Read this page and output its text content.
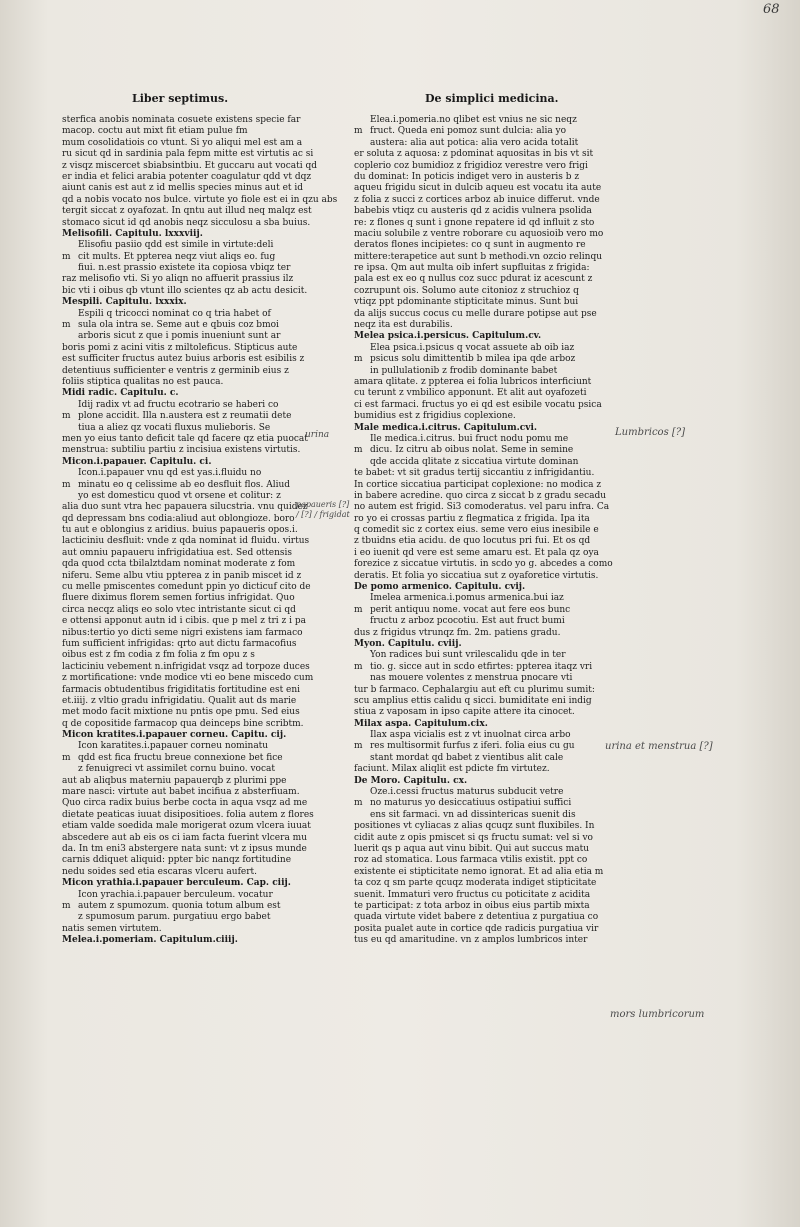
68
Liber septimus.	De simplici medicina.
sterfica anobis nominata cosuete existens specie far
macop. coctu aut mixt fit etiam pulue fm
mum cosolidatiois co vtunt. Si yo aliqui mel est am a
ru sicut qd in sardinia pala fepm mitte est virtutis ac si
z visqz miscercet sbiabsintbiu. Et guccaru aut vocati qd
er india et felici arabia potenter coagulatur qdd vt dqz
aiunt canis est aut z id mellis species minus aut et id
qd a nobis vocato nos bulce. virtute yo fiole est ei in qzu abs
tergit siccat z oyafozat. In qntu aut illud neq malqz est
stomaco sicut id qd anobis neqz sicculosu a sba buius.
Melisofili. Capitulu. lxxxviij.
Elisofiu pasiio qdd est simile in virtute:deli
m cit mults. Et ppterea neqz viut aliqs eo. fug
fiui. n.est prassio existete ita copiosa vbiqz ter
raz melisofio vti. Si yo aliqn no affuerit prassius ilz
bic vti i oibus qb vtunt illo scientes qz ab actu desicit.
Mespili. Capitulu. lxxxix.
Espili q tricocci nominat co q tria habet of
m sula ola intra se. Seme aut e qbuis coz bmoi
arboris sicut z que i pomis inueniunt sunt ar
boris pomi z acini vitis z miltoleficus. Stipticus aute
est sufficiter fructus autez buius arboris est esibilis z
detentiuus sufficienter e ventris z germinib eius z
foliis stiptica qualitas no est pauca.
Midi radic. Capitulu. c.
Idij radix vt ad fructu ecotrario se haberi co
m plone accidit. Illa n.austera est z reumatii dete
tiua a aliez qz vocati fluxus mulieboris. Se
men yo eius tanto deficit tale qd facere qz etia puocat
menstrua: subtiliu partiu z incisiua existens virtutis.
Micon.i.papauer. Capitulu. ci.
Icon.i.papauer vnu qd est yas.i.fluidu no
m minatu eo q celissime ab eo desfluit flos. Aliud
yo est domesticu quod vt orsene et colitur: z
alia duo sunt vtra hec papauera silucstria. vnu quidez
qd depressam bns codia:aliud aut oblongioze. boro
tu aut e oblongius z aridius. buius papaueris opos.i.
lacticiniu desfluit: vnde z qda nominat id fluidu. virtus
aut omniu papaueru infrigidatiua est. Sed ottensis
qda quod ccta tbilalztdam nominat moderate z fom
niferu. Seme albu vtiu ppterea z in panib miscet id z
cu melle pmiscentes comedunt ppin yo dicticuf cito de
fluere diximus florem semen fortius infrigidat. Quo
circa necqz aliqs eo solo vtec intristante sicut ci qd
e ottensi apponut autn id i cibis. que p mel z tri z i pa
nibus:tertio yo dicti seme nigri existens iam farmaco
fum sufficient infrigidas: qrto aut dictu farmacofius
oibus est z fm codia z fm folia z fm opu z s
lacticiniu vebement n.infrigidat vsqz ad torpoze duces
z mortificatione: vnde modice vti eo bene miscedo cum
farmacis obtudentibus frigiditatis fortitudine est eni
et.iiij. z vltio gradu infrigidatiu. Qualit aut ds marie
met modo facit mixtione nu pntis ope pmu. Sed eius
q de copositide farmacop qua deinceps bine scribtm.
Micon kratites.i.papauer corneu. Capitu. cij.
Icon karatites.i.papauer corneu nominatu
m qdd est fica fructu breue connexione bet fice
z fenuigreci vt assimilet cornu buino. vocat
aut ab aliqbus materniu papauerqb z plurimi ppe
mare nasci: virtute aut babet incifiua z absterfiuam.
Quo circa radix buius berbe cocta in aqua vsqz ad me
dietate peaticas iuuat disipositioes. folia autem z flores
etiam valde soedida male morigerat ozum vlcera iuuat
abscedere aut ab eis os ci iam facta fuerint vlcera mu
da. In tm eni3 abstergere nata sunt: vt z ipsus munde
carnis ddiquet aliquid: ppter bic nanqz fortitudine
nedu soides sed etia escaras vlceru aufert.
Micon yrathia.i.papauer berculeum. Cap. ciij.
Icon yrachia.i.papauer berculeum. vocatur
m autem z spumozum. quonia totum album est
z spumosum parum. purgatiuu ergo babet
natis semen virtutem.
Melea.i.pomeriam. Capitulum.ciiij.
Elea.i.pomeria.no qlibet est vnius ne sic neqz
m fruct. Queda eni pomoz sunt dulcia: alia yo
austera: alia aut potica: alia vero acida totalit
er soluta z aquosa: z pdominat aquositas in bis vt sit
coplerio coz bumidioz z frigidioz verestre vero frigi
du dominat: In poticis indiget vero in austeris b z
aqueu frigidu sicut in dulcib aqueu est vocatu ita aute
z folia z succi z cortices arboz ab inuice differut. vnde
babebis vtiqz cu austeris qd z acidis vulnera psolida
re: z flones q sunt i gnone repatere id qd influit z sto
maciu solubile z ventre roborare cu aquosioib vero mo
deratos flones incipietes: co q sunt in augmento re
mittere:terapetice aut sunt b methodi.vn ozcio relinqu
re ipsa. Qm aut multa oib infert supfluitas z frigida:
pala est ex eo q nullus coz succ pdurat iz acescunt z
cozrupunt ois. Solumo aute citonioz z struchioz q
vtiqz ppt pdominante stipticitate minus. Sunt bui
da alijs succus cocus cu melle durare potipse aut pse
neqz ita est durabilis.
Melea psica.i.persicus. Capitulum.cv.
Elea psica.i.psicus q vocat assuete ab oib iaz
m psicus solu dimittentib b milea ipa qde arboz
in pullulationib z frodib dominante babet
amara qlitate. z ppterea ei folia lubricos interficiunt
cu terunt z vmbilico apponunt. Et alit aut oyafozeti
ci est farmaci. fructus yo ei qd est esibile vocatu psica
bumidius est z frigidius coplexione.
Male medica.i.citrus. Capitulum.cvi.
Ile medica.i.citrus. bui fruct nodu pomu me
m dicu. Iz citru ab oibus nolat. Seme in semine
qde accida qlitate z siccatiua virtute dominan
te babet: vt sit gradus tertij siccantiu z infrigidantiu.
In cortice siccatiua participat coplexione: no modica z
in babere acredine. quo circa z siccat b z gradu secadu
no autem est frigid. Si3 comoderatus. vel paru infra. Ca
ro yo ei crossas partiu z flegmatica z frigida. Ipa ita
q comedit sic z cortex eius. seme vero eius inesibile e
z tbuidns etia acidu. de quo locutus pri fui. Et os qd
i eo iuenit qd vere est seme amaru est. Et pala qz oya
forezice z siccatue virtutis. in scdo yo g. abcedes a como
deratis. Et folia yo siccatiua sut z oyaforetice virtutis.
De pomo armenico. Capitulu. cvij.
Imelea armenica.i.pomus armenica.bui iaz
m perit antiquu nome. vocat aut fere eos bunc
fructu z arboz pcocotiu. Est aut fruct bumi
dus z frigidus vtrunqz fm. 2m. patiens gradu.
Myon. Capitulu. cviij.
Yon radices bui sunt vrilescalidu qde in ter
m tio. g. sicce aut in scdo etfirtes: ppterea itaqz vri
nas mouere volentes z menstrua pnocare vti
tur b farmaco. Cephalargiu aut eft cu plurimu sumit:
scu amplius ettis calidu q sicci. bumiditate eni indig
stiua z vaposam in ipso capite attere ita cinocet.
Milax aspa. Capitulum.cix.
Ilax aspa vicialis est z vt inuolnat circa arbo
m res multisormit furfus z iferi. folia eius cu gu
stant mordat qd babet z vientibus alit cale
faciunt. Milax aliqlit est pdicte fm virtutez.
De Moro. Capitulu. cx.
Oze.i.cessi fructus maturus subducit vetre
m no maturus yo desiccatiuus ostipatiui suffici
ens sit farmaci. vn ad dissintericas suenit dis
positiones vt cyliacas z alias qcuqz sunt fluxibiles. In
cidit aute z opis pmiscet si qs fructu sumat: vel si vo
luerit qs p aqua aut vinu bibit. Qui aut succus matu
roz ad stomatica. Lous farmaca vtilis existit. ppt co
existente ei stipticitate nemo ignorat. Et ad alia etia m
ta coz q sm parte qcuqz moderata indiget stipticitate
suenit. Immaturi vero fructus cu poticitate z acidita
te participat: z tota arboz in oibus eius partib mixta
quada virtute videt babere z detentiua z purgatiua co
posita pualet aute in cortice qde radicis purgatiua vir
tus eu qd amaritudine. vn z amplos lumbricos inter
urina
papaueris [?] / [?] / frigidat
Lumbricos [?]
urina et menstrua [?]
mors lumbricorum
